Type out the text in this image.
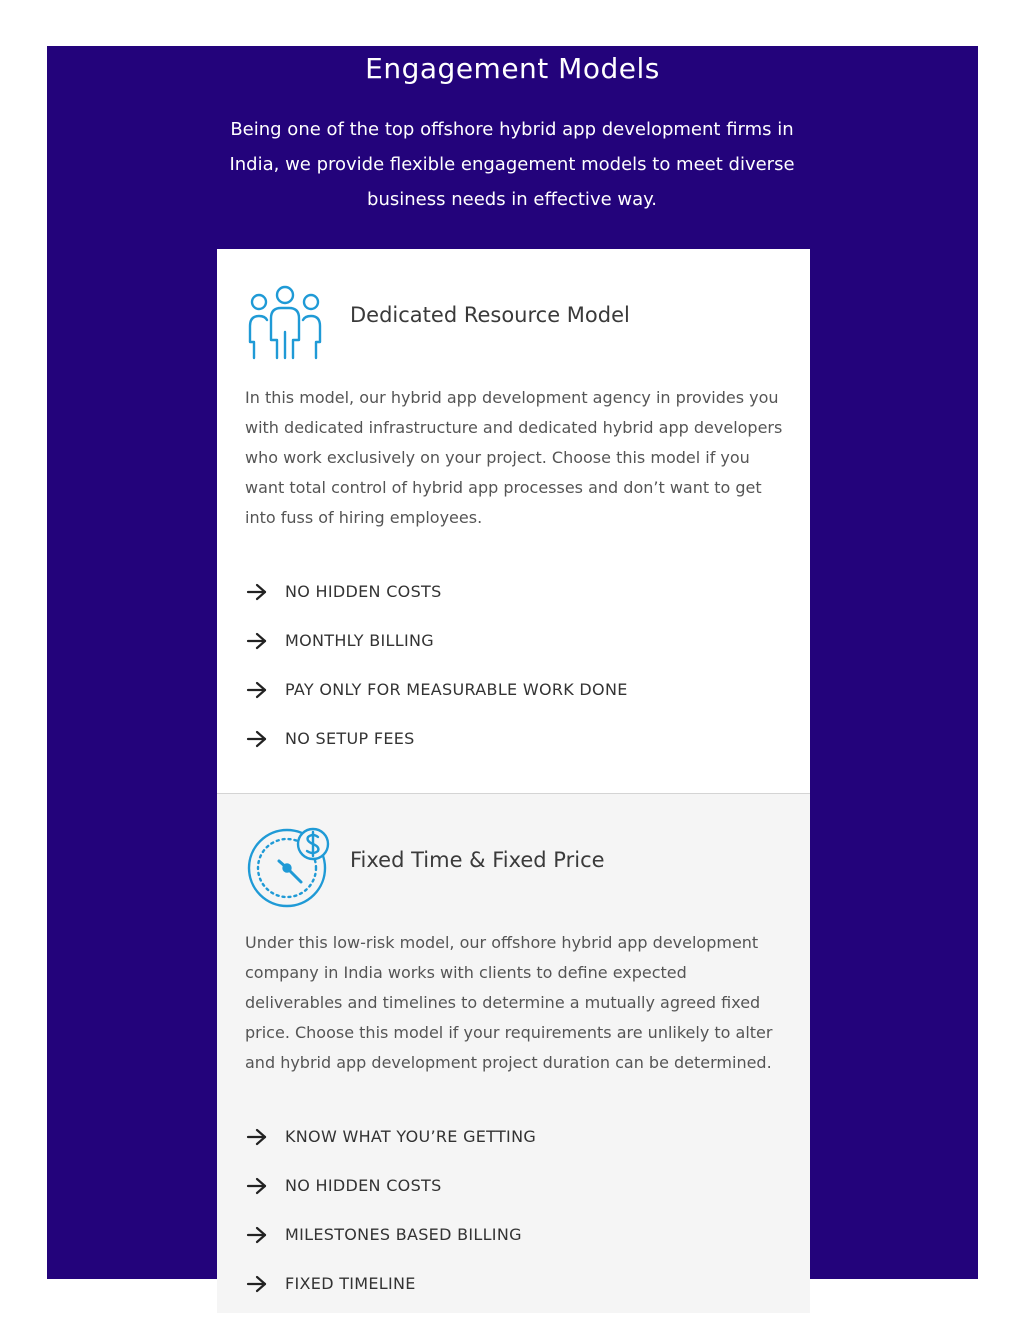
Engagement Models

Being one of the top offshore hybrid app development firms in India, we provide flexible engagement models to meet diverse business needs in effective way.

Dedicated Resource Model

In this model, our hybrid app development agency in provides you with dedicated infrastructure and dedicated hybrid app developers who work exclusively on your project. Choose this model if you want total control of hybrid app processes and don’t want to get into fuss of hiring employees.

NO HIDDEN COSTS
MONTHLY BILLING
PAY ONLY FOR MEASURABLE WORK DONE
NO SETUP FEES
Fixed Time & Fixed Price

Under this low-risk model, our offshore hybrid app development company in India works with clients to define expected deliverables and timelines to determine a mutually agreed fixed price. Choose this model if your requirements are unlikely to alter and hybrid app development project duration can be determined.

KNOW WHAT YOU’RE GETTING
NO HIDDEN COSTS
MILESTONES BASED BILLING
FIXED TIMELINE
